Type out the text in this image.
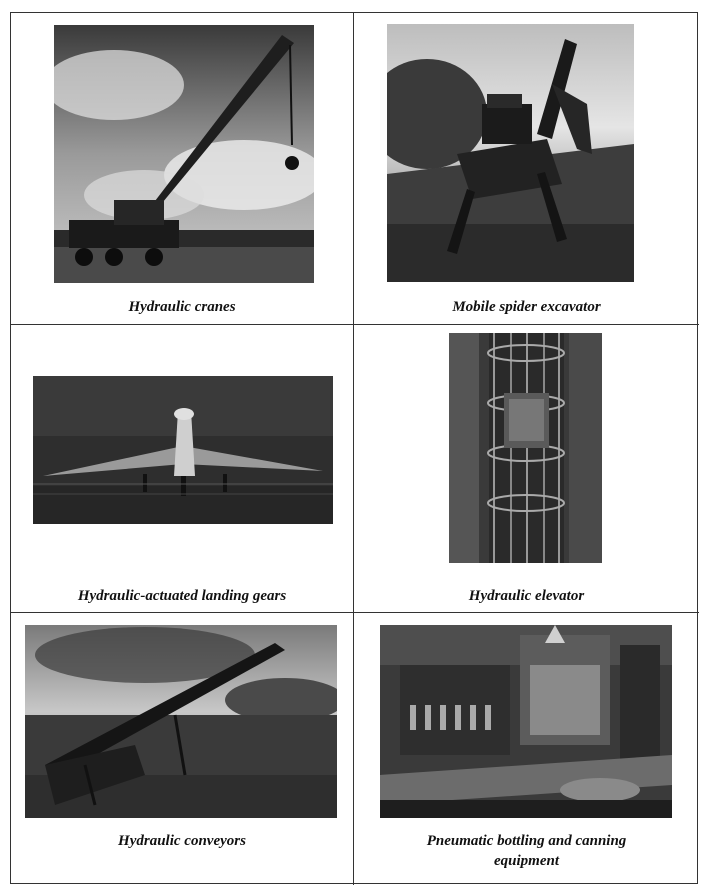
Hydraulic cranes	Mobile spider excavator
Hydraulic-actuated landing gears	Hydraulic elevator
Hydraulic conveyors	Pneumatic bottling and canning
equipment
